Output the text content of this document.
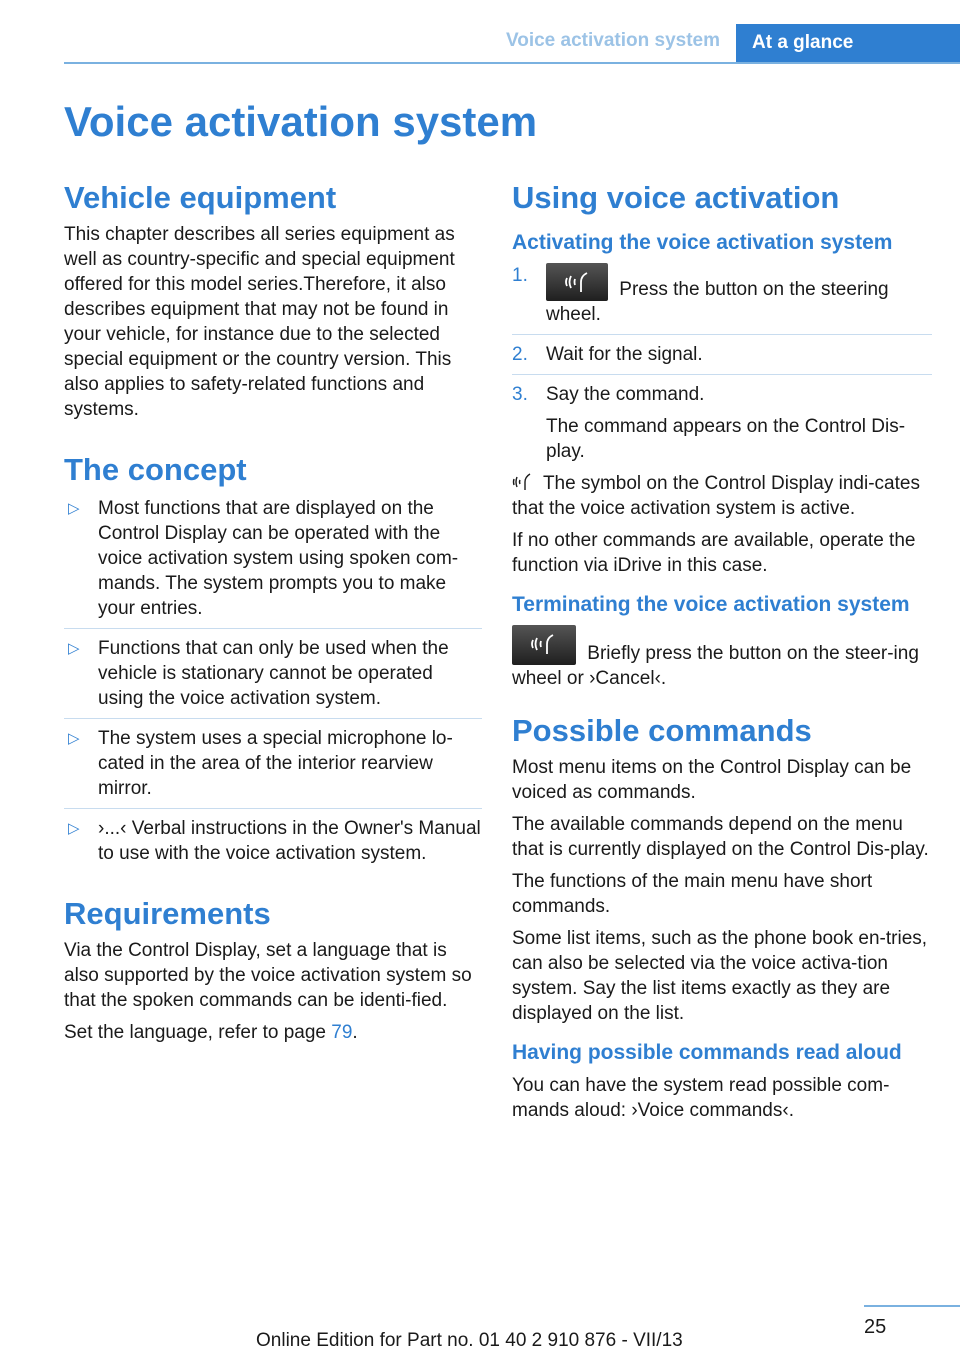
Voice activation system	At a glance
Voice activation system
Vehicle equipment

This chapter describes all series equipment as well as country-specific and special equipment offered for this model series.Therefore, it also describes equipment that may not be found in your vehicle, for instance due to the selected special equipment or the country version. This also applies to safety-related functions and systems.

The concept
▷ Most functions that are displayed on the Control Display can be operated with the voice activation system using spoken com-mands. The system prompts you to make your entries.
▷ Functions that can only be used when the vehicle is stationary cannot be operated using the voice activation system.
▷ The system uses a special microphone lo-cated in the area of the interior rearview mirror.
▷ ›...‹ Verbal instructions in the Owner's Manual to use with the voice activation system.
Requirements

Via the Control Display, set a language that is also supported by the voice activation system so that the spoken commands can be identi-fied.

Set the language, refer to page 79.

Using voice activation
Activating the voice activation system
1.
Press the button on the steering wheel.
2. Wait for the signal.
3. Say the command.
The command appears on the Control Dis-play.

The symbol on the Control Display indi-cates that the voice activation system is active.

If no other commands are available, operate the function via iDrive in this case.

Terminating the voice activation system

Briefly press the button on the steer-ing wheel or ›Cancel‹.

Possible commands

Most menu items on the Control Display can be voiced as commands.

The available commands depend on the menu that is currently displayed on the Control Dis-play.

The functions of the main menu have short commands.

Some list items, such as the phone book en-tries, can also be selected via the voice activa-tion system. Say the list items exactly as they are displayed on the list.

Having possible commands read aloud

You can have the system read possible com-mands aloud: ›Voice commands‹.

25
Online Edition for Part no. 01 40 2 910 876 - VII/13
